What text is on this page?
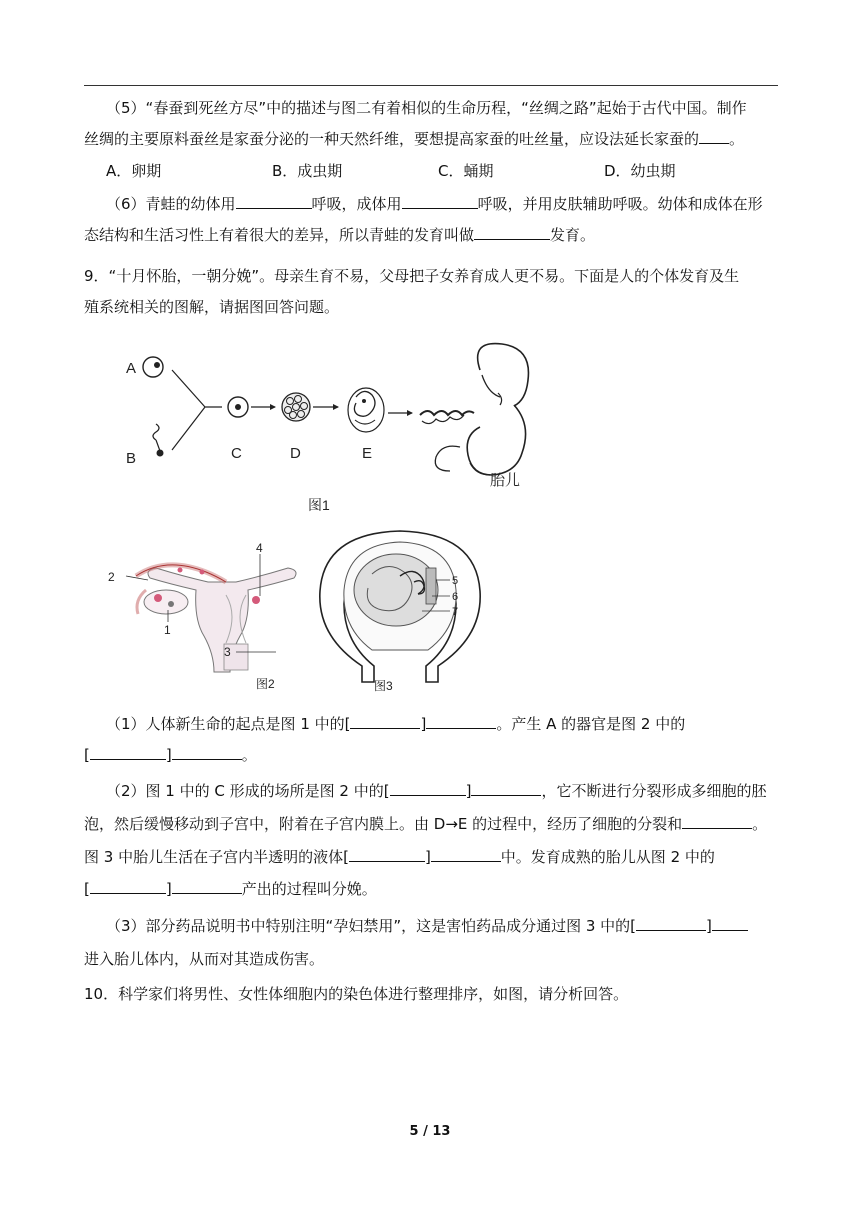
（5）“春蚕到死丝方尽”中的描述与图二有着相似的生命历程，“丝绸之路”起始于古代中国。制作
丝绸的主要原料蚕丝是家蚕分泌的一种天然纤维，要想提高家蚕的吐丝量，应设法延长家蚕的 。
A．卵期	B．成虫期	C．蛹期	D．幼虫期
（6）青蛙的幼体用	呼吸，成体用	呼吸，并用皮肤辅助呼吸。幼体和成体在形
态结构和生活习性上有着很大的差异，所以青蛙的发育叫做	发育。
9．“十月怀胎，一朝分娩”。母亲生育不易，父母把子女养育成人更不易。下面是人的个体发育及生
殖系统相关的图解，请据图回答问题。
A
B	C	D	E
胎儿
图1
2
1
4
3
图2
5
6
7
图3
（1）人体新生命的起点是图 1 中的[	]	。产生 A 的器官是图 2 中的
[	]	。
（2）图 1 中的 C 形成的场所是图 2 中的[	]	，它不断进行分裂形成多细胞的胚
泡，然后缓慢移动到子宫中，附着在子宫内膜上。由 D→E 的过程中，经历了细胞的分裂和	。
图 3 中胎儿生活在子宫内半透明的液体[	]	中。发育成熟的胎儿从图 2 中的
[	]	产出的过程叫分娩。
（3）部分药品说明书中特别注明“孕妇禁用”，这是害怕药品成分通过图 3 中的[	]
进入胎儿体内，从而对其造成伤害。
10．科学家们将男性、女性体细胞内的染色体进行整理排序，如图，请分析回答。
5 / 13
